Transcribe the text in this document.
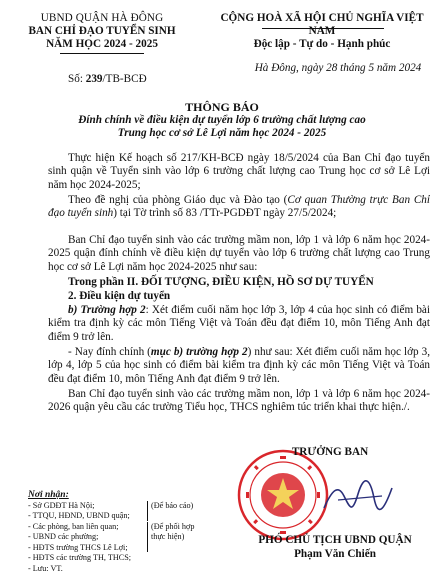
UBND QUẬN HÀ ĐÔNG
BAN CHỈ ĐẠO TUYỂN SINH
NĂM HỌC 2024 - 2025
CỘNG HOÀ XÃ HỘI CHỦ NGHĨA VIỆT NAM
Độc lập - Tự do - Hạnh phúc
Hà Đông, ngày 28 tháng 5 năm 2024
Số: 239/TB-BCĐ
THÔNG BÁO
Đính chính về điều kiện dự tuyển lớp 6 trường chất lượng cao
Trung học cơ sở Lê Lợi năm học 2024 - 2025
Thực hiện Kế hoạch số 217/KH-BCĐ ngày 18/5/2024 của Ban Chỉ đạo tuyển sinh quận về Tuyển sinh vào lớp 6 trường chất lượng cao Trung học cơ sở Lê Lợi năm học 2024-2025;
Theo đề nghị của phòng Giáo dục và Đào tạo (Cơ quan Thường trực Ban Chỉ đạo tuyển sinh) tại Tờ trình số 83 /TTr-PGDĐT ngày 27/5/2024;
Ban Chỉ đạo tuyển sinh vào các trường mầm non, lớp 1 và lớp 6 năm học 2024-2025 quận đính chính về điều kiện dự tuyển vào lớp 6 trường chất lượng cao Trung học cơ sở Lê Lợi năm học 2024-2025 như sau:
Trong phần II. ĐỐI TƯỢNG, ĐIỀU KIỆN, HỒ SƠ DỰ TUYỂN
2. Điều kiện dự tuyển
b) Trường hợp 2: Xét điểm cuối năm học lớp 3, lớp 4 của học sinh có điểm bài kiểm tra định kỳ các môn Tiếng Việt và Toán đều đạt điểm 10, môn Tiếng Anh đạt điểm 9 trở lên.
- Nay đính chính (mục b) trường hợp 2) như sau: Xét điểm cuối năm học lớp 3, lớp 4, lớp 5 của học sinh có điểm bài kiểm tra định kỳ các môn Tiếng Việt và Toán đều đạt điểm 10, môn Tiếng Anh đạt điểm 9 trở lên.
Ban Chỉ đạo tuyển sinh vào các trường mầm non, lớp 1 và lớp 6 năm học 2024-2026 quận yêu cầu các trường Tiểu học, THCS nghiêm túc triển khai thực hiện./.
Nơi nhận:
- Sở GDĐT Hà Nội;
- TTQU, HĐND, UBND quận;
- Các phòng, ban liên quan;
- UBND các phường;
- HĐTS trường THCS Lê Lợi;
- HĐTS các trường TH, THCS;
- Lưu: VT.
(Để báo cáo)
(Để phối hợp thực hiện)
TRƯỞNG BAN
PHÓ CHỦ TỊCH UBND QUẬN
Phạm Văn Chiến
